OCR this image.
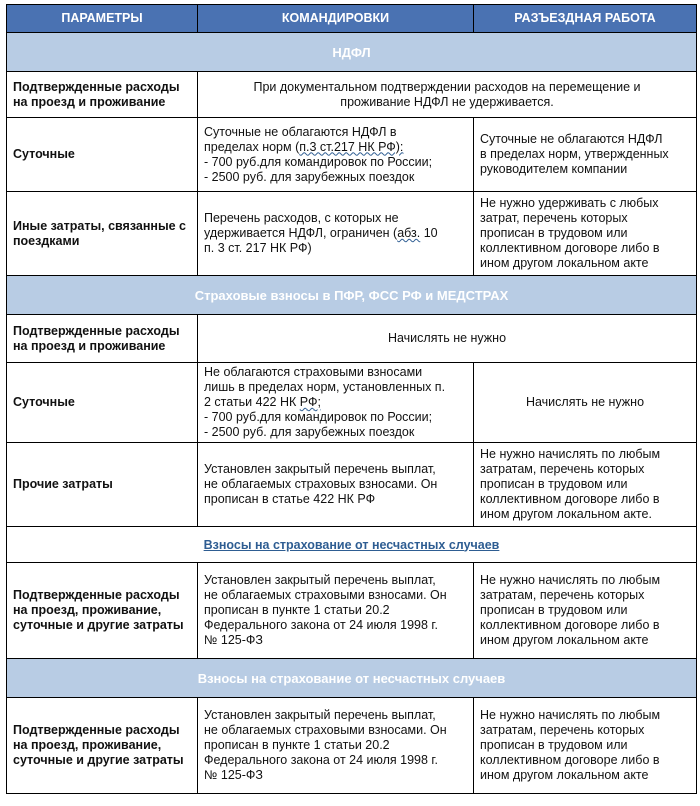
ПАРАМЕТРЫ	КОМАНДИРОВКИ	РАЗЪЕЗДНАЯ РАБОТА
НДФЛ		
Подтвержденные расходы на проезд и проживание	При документальном подтверждении расходов на перемещение и
проживание НДФЛ не удерживается.	

Суточные	Суточные не облагаются НДФЛ в
пределах норм (п.3 ст.217 НК РФ):
- 700 руб.для командировок по России;
- 2500 руб. для зарубежных поездок	Суточные не облагаются НДФЛ
в пределах норм, утвержденных
руководителем компании

Иные затраты, связанные с поездками	Перечень расходов, с которых не
удерживается НДФЛ, ограничен (абз. 10
п. 3 ст. 217 НК РФ)	Не нужно удерживать с любых
затрат, перечень которых
прописан в трудовом или
коллективном договоре либо в
ином другом локальном акте

Страховые взносы в ПФР, ФСС РФ и МЕДСТРАХ		
Подтвержденные расходы на проезд и проживание	Начислять не нужно	

Суточные	Не облагаются страховыми взносами
лишь в пределах норм, установленных п.
2 статьи 422 НК РФ;
- 700 руб.для командировок по России;
- 2500 руб. для зарубежных поездок	Начислять не нужно

Прочие затраты	Установлен закрытый перечень выплат,
не облагаемых страховых взносами. Он
прописан в статье 422 НК РФ	Не нужно начислять по любым
затратам, перечень которых
прописан в трудовом или
коллективном договоре либо в
ином другом локальном акте.

Взносы на страхование от несчастных случаев		
Подтвержденные расходы на проезд, проживание, суточные и другие затраты	Установлен закрытый перечень выплат,
не облагаемых страховыми взносами. Он
прописан в пункте 1 статьи 20.2
Федерального закона от 24 июля 1998 г.
№ 125-ФЗ	Не нужно начислять по любым
затратам, перечень которых
прописан в трудовом или
коллективном договоре либо в
ином другом локальном акте

Взносы на страхование от несчастных случаев		
Подтвержденные расходы на проезд, проживание, суточные и другие затраты	Установлен закрытый перечень выплат,
не облагаемых страховыми взносами. Он
прописан в пункте 1 статьи 20.2
Федерального закона от 24 июля 1998 г.
№ 125-ФЗ	Не нужно начислять по любым
затратам, перечень которых
прописан в трудовом или
коллективном договоре либо в
ином другом локальном акте
